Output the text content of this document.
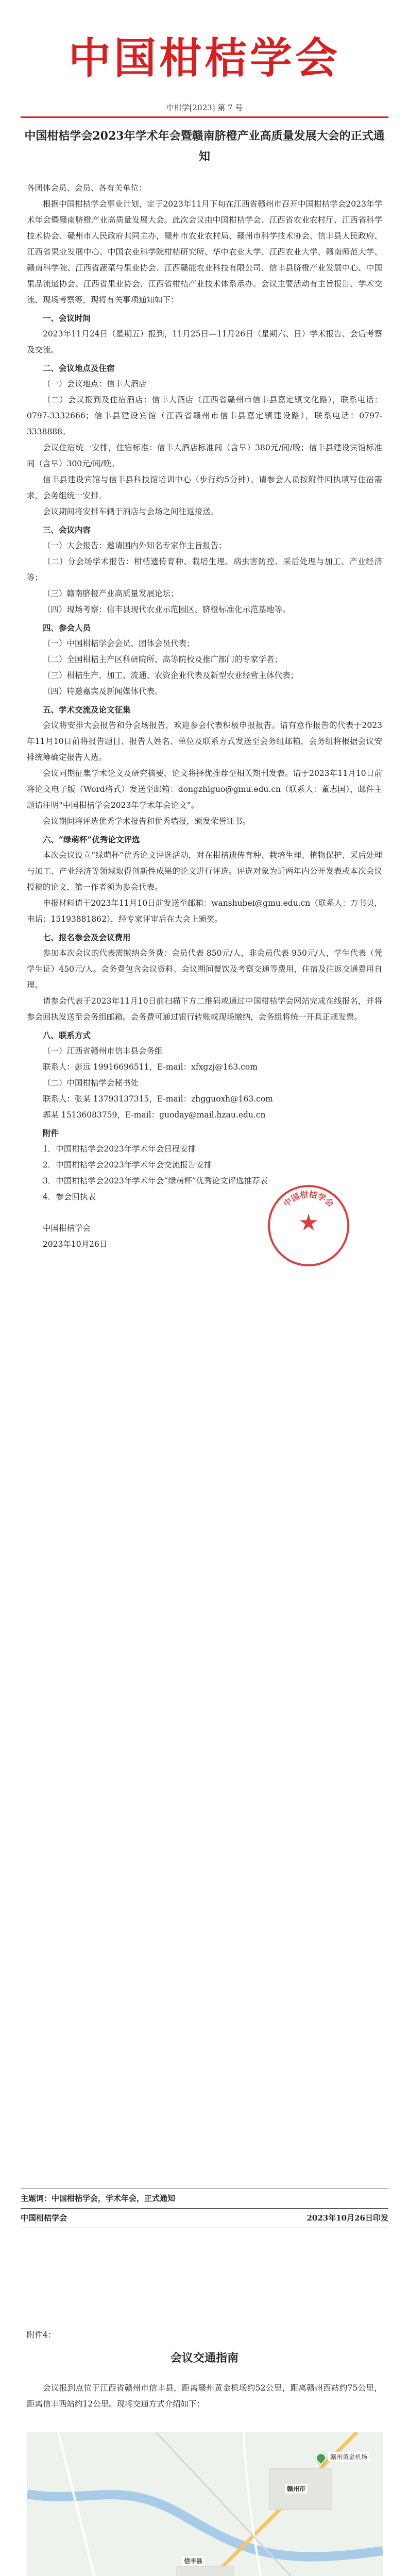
中国柑桔学会
中柑学[2023] 第 7 号
中国柑桔学会2023年学术年会暨赣南脐橙产业高质量发展大会的正式通知

各团体会员、会员、各有关单位：

根据中国柑桔学会事业计划，定于2023年11月下旬在江西省赣州市召开中国柑桔学会2023年学术年会暨赣南脐橙产业高质量发展大会。此次会议由中国柑桔学会、江西省农业农村厅、江西省科学技术协会、赣州市人民政府共同主办，赣州市农业农村局、赣州市科学技术协会、信丰县人民政府、江西省果业发展中心、中国农业科学院柑桔研究所、华中农业大学、江西农业大学、赣南师范大学、赣南科学院、江西省蔬菜与果业协会、江西赣能农业科技有限公司、信丰县脐橙产业发展中心、中国果品流通协会、江西省果业协会、江西省柑桔产业技术体系承办。会议主要活动有主旨报告、学术交流、现场考察等，现将有关事项通知如下：

一、会议时间

2023年11月24日（星期五）报到，11月25日—11月26日（星期六、日）学术报告、会后考察及交流。

二、会议地点及住宿

（一）会议地点：信丰大酒店

（二）会议报到及住宿酒店：信丰大酒店（江西省赣州市信丰县嘉定镇文化路），联系电话：0797-3332666；信丰县建设宾馆（江西省赣州市信丰县嘉定镇建设路），联系电话：0797-3338888。

会议住宿统一安排，住宿标准：信丰大酒店标准间（含早）380元/间/晚；信丰县建设宾馆标准间（含早）300元/间/晚。

信丰县建设宾馆与信丰县科技馆培训中心（步行约5分钟）。请参会人员按附件回执填写住宿需求，会务组统一安排。

会议期间将安排车辆于酒店与会场之间往返接送。

三、会议内容

（一）大会报告：邀请国内外知名专家作主旨报告；

（二）分会场学术报告：柑桔遗传育种、栽培生理、病虫害防控、采后处理与加工、产业经济等；

（三）赣南脐橙产业高质量发展论坛；

（四）现场考察：信丰县现代农业示范园区、脐橙标准化示范基地等。

四、参会人员

（一）中国柑桔学会会员、团体会员代表；

（二）全国柑桔主产区科研院所、高等院校及推广部门的专家学者；

（三）柑桔生产、加工、流通、农资企业代表及新型农业经营主体代表；

（四）特邀嘉宾及新闻媒体代表。

五、学术交流及论文征集

会议将安排大会报告和分会场报告，欢迎参会代表积极申报报告。请有意作报告的代表于2023年11月10日前将报告题目、报告人姓名、单位及联系方式发送至会务组邮箱，会务组将根据会议安排统筹确定报告人选。

会议同期征集学术论文及研究摘要，论文将择优推荐至相关期刊发表。请于2023年11月10日前将论文电子版（Word格式）发送至邮箱：dongzhiguo@gmu.edu.cn（联系人：董志国），邮件主题请注明“中国柑桔学会2023年学术年会论文”。

会议期间将评选优秀学术报告和优秀墙报，颁发荣誉证书。

六、“绿萌杯”优秀论文评选

本次会议设立“绿萌杯”优秀论文评选活动，对在柑桔遗传育种、栽培生理、植物保护、采后处理与加工、产业经济等领域取得创新性成果的论文进行评选。评选对象为近两年内公开发表或本次会议投稿的论文，第一作者须为参会代表。

申报材料请于2023年11月10日前发送至邮箱：wanshubei@gmu.edu.cn（联系人：万书贝，电话：15193881862），经专家评审后在大会上颁奖。

七、报名参会及会议费用

参加本次会议的代表需缴纳会务费：会员代表 850元/人，非会员代表 950元/人，学生代表（凭学生证）450元/人。会务费包含会议资料、会议期间餐饮及考察交通等费用，住宿及往返交通费用自理。

请参会代表于2023年11月10日前扫描下方二维码或通过中国柑桔学会网站完成在线报名，并将参会回执发送至会务组邮箱。会务费可通过银行转账或现场缴纳，会务组将统一开具正规发票。

八、联系方式

（一）江西省赣州市信丰县会务组

联系人：彭远 19916696511，E-mail：xfxgzj@163.com

（二）中国柑桔学会秘书处

联系人：张某 13793137315，E-mail：zhgguoxh@163.com

郭某 15136083759，E-mail：guoday@mail.hzau.edu.cn

附件

1．中国柑桔学会2023年学术年会日程安排

2．中国柑桔学会2023年学术年会交流报告安排

3．中国柑桔学会2023年学术年会“绿萌杯”优秀论文评选推荐表

4．参会回执表

中国柑桔学会

2023年10月26日

中国柑桔学会
★
主题词：中国柑桔学会，学术年会，正式通知
中国柑桔学会	2023年10月26日印发
附件4：
会议交通指南

会议报到点位于江西省赣州市信丰县，距离赣州黄金机场约52公里，距离赣州西站约75公里，距离信丰西站约12公里。现将交通方式介绍如下：

赣州黄金机场
赣州市
信丰县
